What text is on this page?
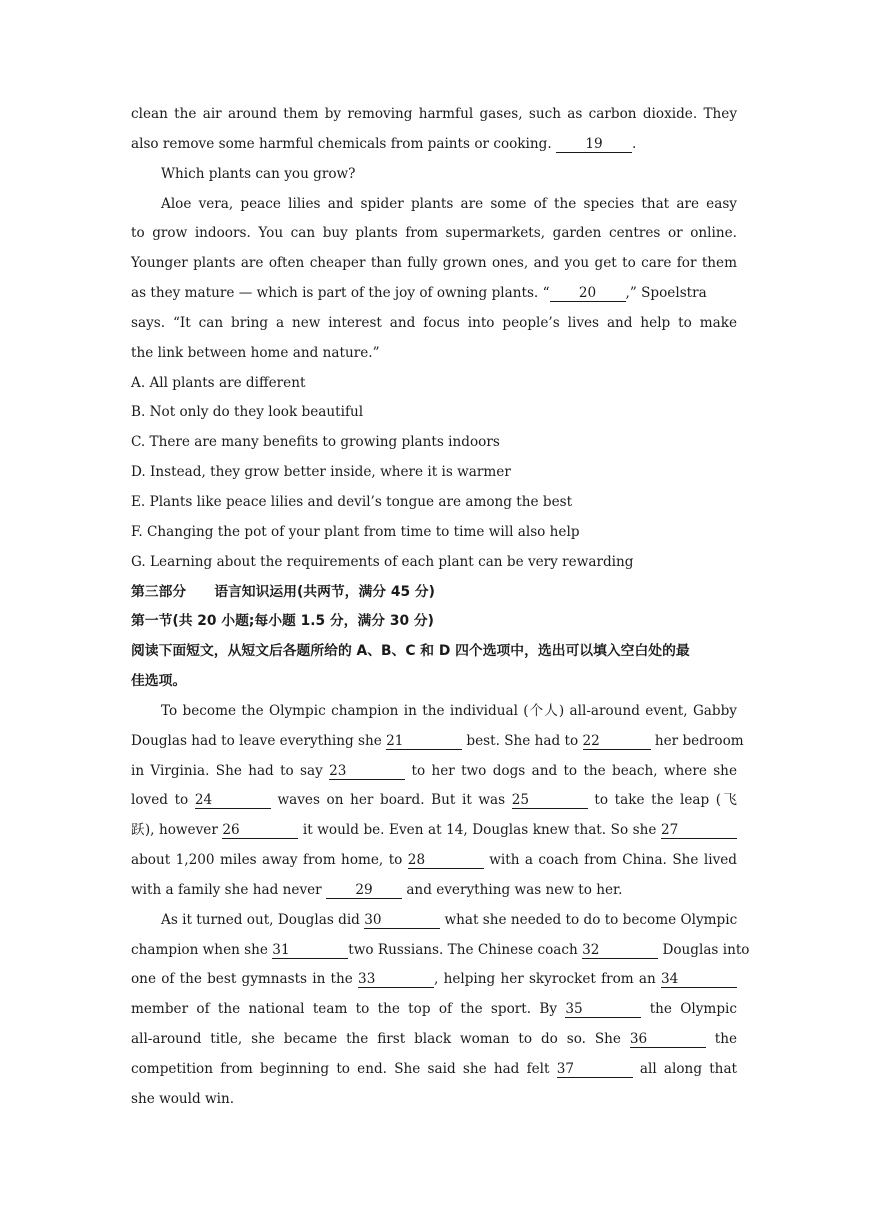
clean the air around them by removing harmful gases, such as carbon dioxide. They
also remove some harmful chemicals from paints or cooking. 19 .
Which plants can you grow?
Aloe vera, peace lilies and spider plants are some of the species that are easy
to grow indoors. You can buy plants from supermarkets, garden centres or online.
Younger plants are often cheaper than fully grown ones, and you get to care for them
as they mature — which is part of the joy of owning plants. “ 20 ,” Spoelstra
says. “It can bring a new interest and focus into people’s lives and help to make
the link between home and nature.”
A. All plants are different
B. Not only do they look beautiful
C. There are many benefits to growing plants indoors
D. Instead, they grow better inside, where it is warmer
E. Plants like peace lilies and devil’s tongue are among the best
F. Changing the pot of your plant from time to time will also help
G. Learning about the requirements of each plant can be very rewarding
第三部分 语言知识运用(共两节，满分 45 分)
第一节(共 20 小题;每小题 1.5 分，满分 30 分)
阅读下面短文，从短文后各题所给的 A、B、C 和 D 四个选项中，选出可以填入空白处的最
佳选项。
To become the Olympic champion in the individual (个人) all-around event, Gabby
Douglas had to leave everything she 21	best. She had to 22	her bedroom
in Virginia. She had to say 23	to her two dogs and to the beach, where she
loved to 24	waves on her board. But it was 25	to take the leap (飞
跃), however 26	it would be. Even at 14, Douglas knew that. So she 27
about 1,200 miles away from home, to 28	with a coach from China. She lived
with a family she had never 29 and everything was new to her.
As it turned out, Douglas did 30	what she needed to do to become Olympic
champion when she 31	two Russians. The Chinese coach 32	Douglas into
one of the best gymnasts in the 33	, helping her skyrocket from an 34
member of the national team to the top of the sport. By 35	the Olympic
all-around title, she became the first black woman to do so. She 36	the
competition from beginning to end. She said she had felt 37	all along that
she would win.
